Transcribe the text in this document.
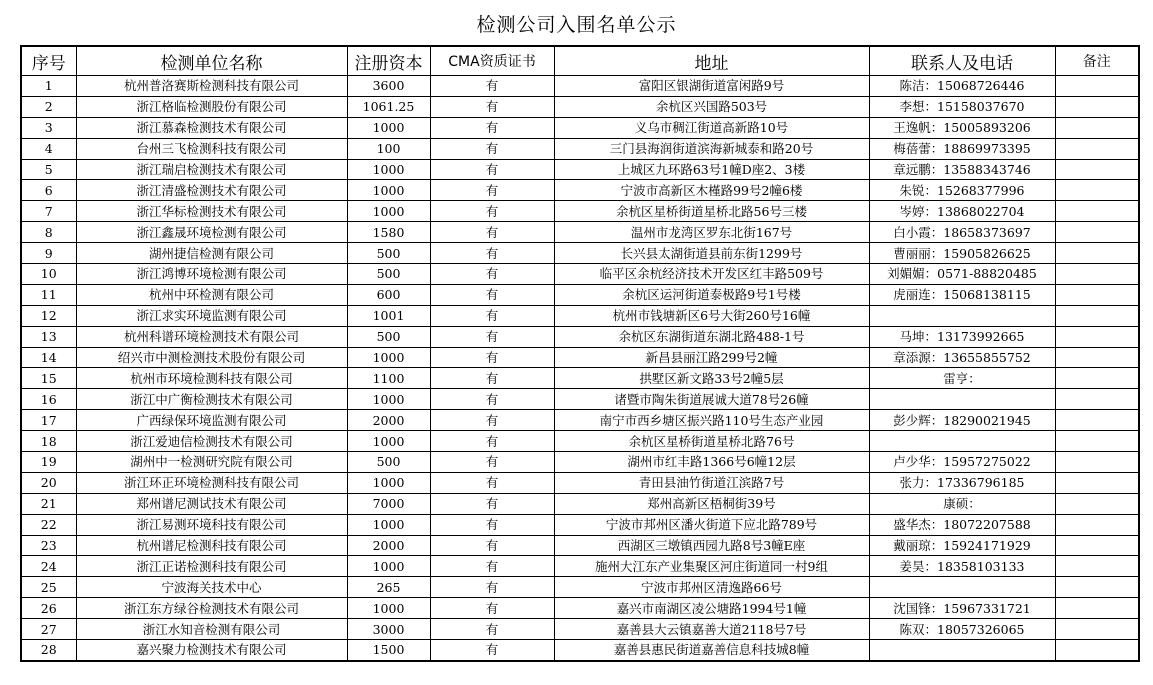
检测公司入围名单公示
序号	检测单位名称	注册资本	CMA资质证书	地址	联系人及电话	备注
1	杭州普洛赛斯检测科技有限公司	3600	有	富阳区银湖街道富闲路9号	陈洁：15068726446	
2	浙江格临检测股份有限公司	1061.25	有	余杭区兴国路503号	李想：15158037670	
3	浙江慕森检测技术有限公司	1000	有	义乌市稠江街道高新路10号	王逸帆：15005893206	
4	台州三飞检测科技有限公司	100	有	三门县海润街道滨海新城泰和路20号	梅蓓蕾：18869973395	
5	浙江瑞启检测技术有限公司	1000	有	上城区九环路63号1幢D座2、3楼	章远鹏：13588343746	
6	浙江清盛检测技术有限公司	1000	有	宁波市高新区木槿路99号2幢6楼	朱锐：15268377996	
7	浙江华标检测技术有限公司	1000	有	余杭区星桥街道星桥北路56号三楼	岑婷：13868022704	
8	浙江鑫晟环境检测有限公司	1580	有	温州市龙湾区罗东北街167号	白小霞：18658373697	
9	湖州捷信检测有限公司	500	有	长兴县太湖街道县前东街1299号	曹丽丽：15905826625	
10	浙江鸿博环境检测有限公司	500	有	临平区余杭经济技术开发区红丰路509号	刘媚媚：0571-88820485	
11	杭州中环检测有限公司	600	有	余杭区运河街道泰极路9号1号楼	虎丽连：15068138115	
12	浙江求实环境监测有限公司	1001	有	杭州市钱塘新区6号大街260号16幢		
13	杭州科谱环境检测技术有限公司	500	有	余杭区东湖街道东湖北路488-1号	马坤：13173992665	
14	绍兴市中测检测技术股份有限公司	1000	有	新昌县丽江路299号2幢	章添源：13655855752	
15	杭州市环境检测科技有限公司	1100	有	拱墅区新文路33号2幢5层	雷亨：	
16	浙江中广衡检测技术有限公司	1000	有	诸暨市陶朱街道展诚大道78号26幢		
17	广西绿保环境监测有限公司	2000	有	南宁市西乡塘区振兴路110号生态产业园	彭少辉：18290021945	
18	浙江爱迪信检测技术有限公司	1000	有	余杭区星桥街道星桥北路76号		
19	湖州中一检测研究院有限公司	500	有	湖州市红丰路1366号6幢12层	卢少华：15957275022	
20	浙江环正环境检测科技有限公司	1000	有	青田县油竹街道江滨路7号	张力：17336796185	
21	郑州谱尼测试技术有限公司	7000	有	郑州高新区梧桐街39号	康硕：	
22	浙江易测环境科技有限公司	1000	有	宁波市邦州区潘火街道下应北路789号	盛华杰：18072207588	
23	杭州谱尼检测科技有限公司	2000	有	西湖区三墩镇西园九路8号3幢E座	戴丽琼：15924171929	
24	浙江正诺检测科技有限公司	1000	有	施州大江东产业集聚区河庄街道同一村9组	姜昊：18358103133	
25	宁波海关技术中心	265	有	宁波市邦州区清逸路66号		
26	浙江东方绿谷检测技术有限公司	1000	有	嘉兴市南湖区凌公塘路1994号1幢	沈国锋：15967331721	
27	浙江水知音检测有限公司	3000	有	嘉善县大云镇嘉善大道2118号7号	陈双：18057326065	
28	嘉兴聚力检测技术有限公司	1500	有	嘉善县惠民街道嘉善信息科技城8幢		
